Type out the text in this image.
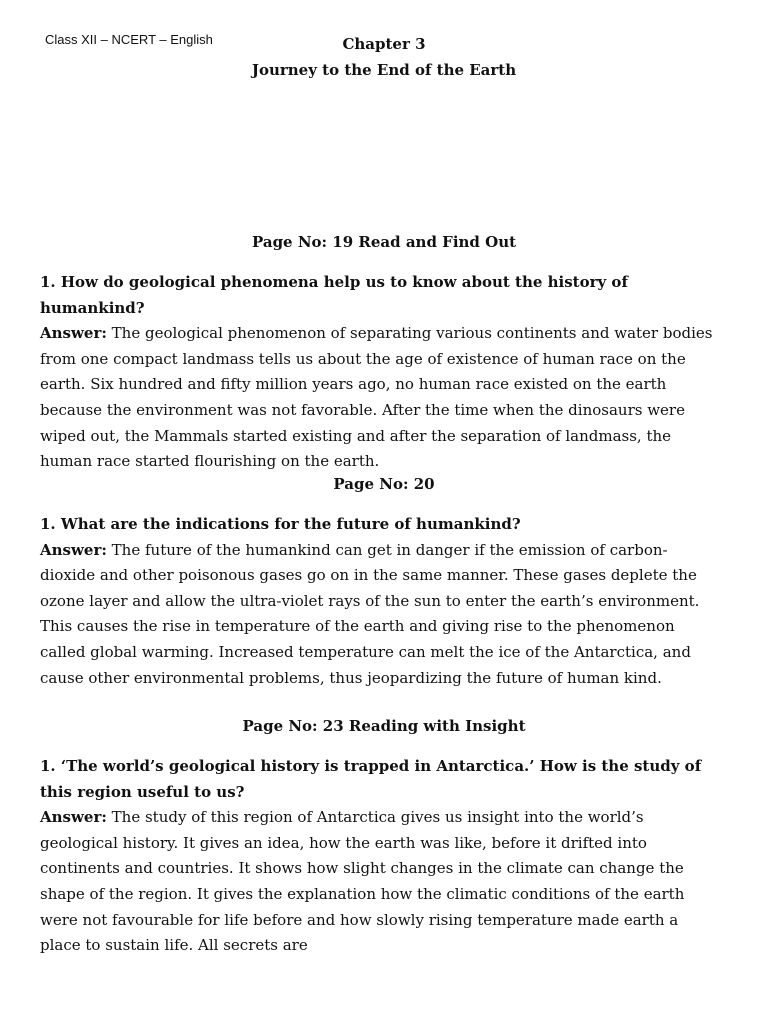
Class XII – NCERT – English	Chapter 3
Journey to the End of the Earth
Page No: 19 Read and Find Out
1. How do geological phenomena help us to know about the history of humankind?
Answer: The geological phenomenon of separating various continents and water bodies from one compact landmass tells us about the age of existence of human race on the earth. Six hundred and fifty million years ago, no human race existed on the earth because the environment was not favorable. After the time when the dinosaurs were wiped out, the Mammals started existing and after the separation of landmass, the human race started flourishing on the earth.
Page No: 20
1. What are the indications for the future of humankind?
Answer: The future of the humankind can get in danger if the emission of carbon- dioxide and other poisonous gases go on in the same manner. These gases deplete the ozone layer and allow the ultra-violet rays of the sun to enter the earth’s environment. This causes the rise in temperature of the earth and giving rise to the phenomenon called global warming. Increased temperature can melt the ice of the Antarctica, and cause other environmental problems, thus jeopardizing the future of human kind.
Page No: 23 Reading with Insight
1. ‘The world’s geological history is trapped in Antarctica.’ How is the study of this region useful to us?
Answer: The study of this region of Antarctica gives us insight into the world’s geological history. It gives an idea, how the earth was like, before it drifted into continents and countries. It shows how slight changes in the climate can change the shape of the region. It gives the explanation how the climatic conditions of the earth were not favourable for life before and how slowly rising temperature made earth a place to sustain life. All secrets are
